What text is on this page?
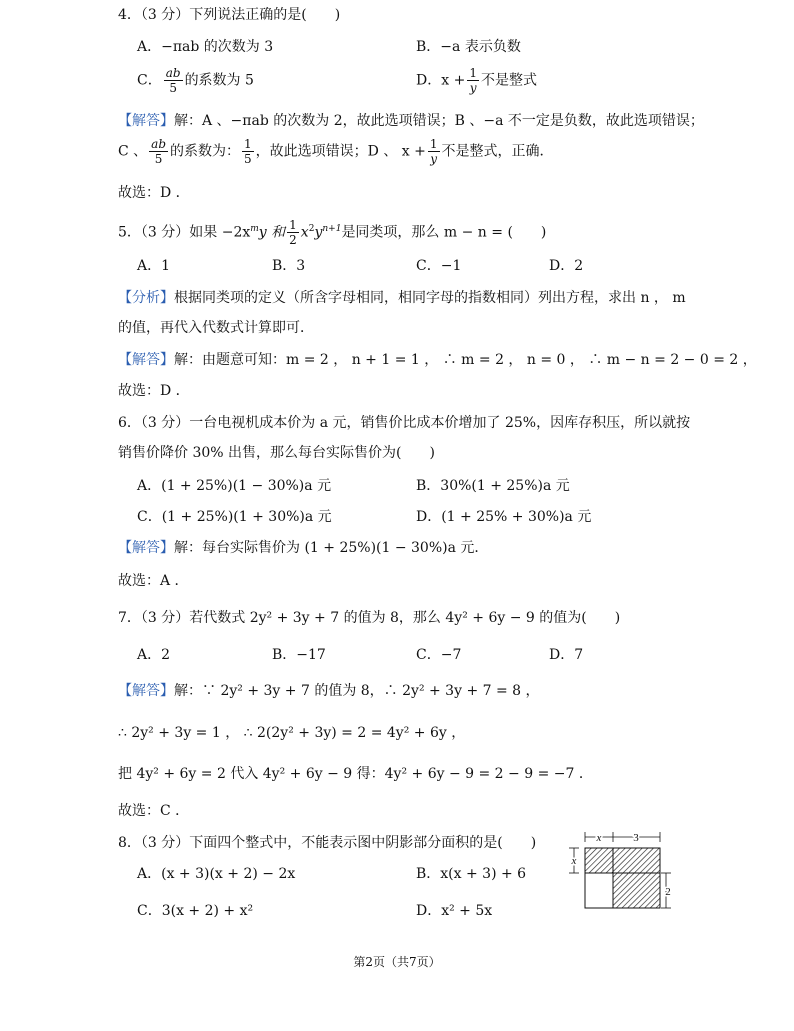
4．（3 分）下列说法正确的是(　　)
A．−πab 的次数为 3	B．−a 表示负数
C． $\frac{ab}{5}$ 的系数为 5	D．$x + \frac{1}{y}$ 不是整式
【解答】解：A 、−πab 的次数为 2，故此选项错误；B 、−a 不一定是负数，故此选项错误；
C 、 $\frac{ab}{5}$ 的系数为： $\frac{1}{5}$ ，故此选项错误；D 、 $x + \frac{1}{y}$ 不是整式，正确．
故选：D ．
5．（3 分）如果 $-2x^my$ 和 $\frac{1}{2} x^2y^{n+1}$是同类项，那么 m − n = (　　)
A．1	B．3	C．−1	D．2
【分析】根据同类项的定义（所含字母相同，相同字母的指数相同）列出方程，求出 n ， m
的值，再代入代数式计算即可．
【解答】解：由题意可知：m = 2 ， n + 1 = 1 ， ∴ m = 2 ， n = 0 ， ∴ m − n = 2 − 0 = 2 ，
故选：D ．
6．（3 分）一台电视机成本价为 a 元，销售价比成本价增加了 25%，因库存积压，所以就按
销售价降价 30% 出售，那么每台实际售价为(　　)
A．(1 + 25%)(1 − 30%)a 元	B．30%(1 + 25%)a 元
C．(1 + 25%)(1 + 30%)a 元	D．(1 + 25% + 30%)a 元
【解答】解：每台实际售价为 (1 + 25%)(1 − 30%)a 元．
故选：A ．
7．（3 分）若代数式 2y² + 3y + 7 的值为 8，那么 4y² + 6y − 9 的值为(　　)
A．2	B．−17	C．−7	D．7
【解答】解：∵ 2y² + 3y + 7 的值为 8，∴ 2y² + 3y + 7 = 8 ，
∴ 2y² + 3y = 1 ， ∴ 2(2y² + 3y) = 2 = 4y² + 6y ，
把 4y² + 6y = 2 代入 4y² + 6y − 9 得：4y² + 6y − 9 = 2 − 9 = −7 ．
故选：C ．
8．（3 分）下面四个整式中，不能表示图中阴影部分面积的是(　　)
A．(x + 3)(x + 2) − 2x	B．x(x + 3) + 6
C．3(x + 2) + x²	D．x² + 5x
x	3
x
2
第2页（共7页）
